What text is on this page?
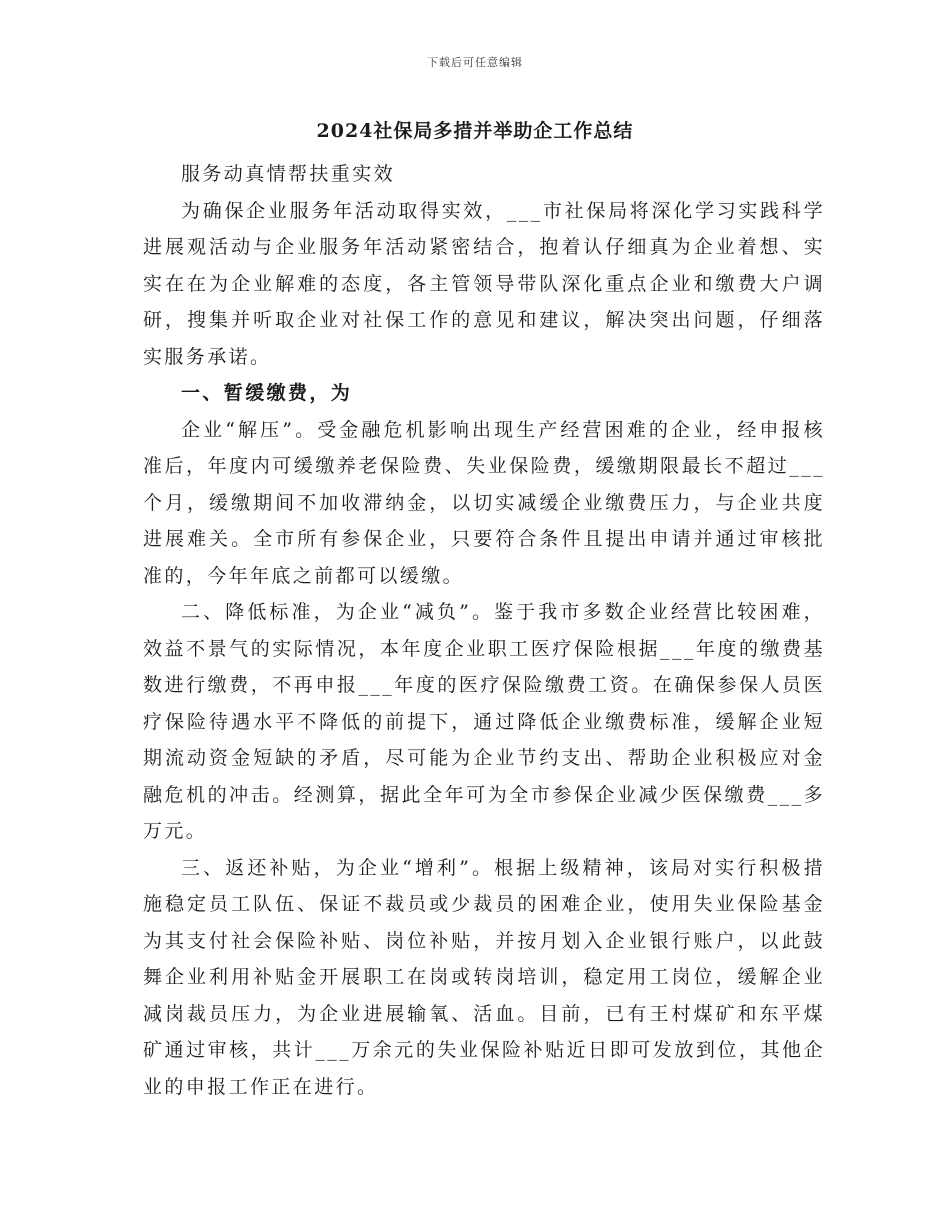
下载后可任意编辑
2024社保局多措并举助企工作总结

服务动真情帮扶重实效

为确保企业服务年活动取得实效，___市社保局将深化学习实践科学进展观活动与企业服务年活动紧密结合，抱着认仔细真为企业着想、实实在在为企业解难的态度，各主管领导带队深化重点企业和缴费大户调研，搜集并听取企业对社保工作的意见和建议，解决突出问题，仔细落实服务承诺。

一、暂缓缴费，为

企业“解压”。受金融危机影响出现生产经营困难的企业，经申报核准后，年度内可缓缴养老保险费、失业保险费，缓缴期限最长不超过___个月，缓缴期间不加收滞纳金，以切实减缓企业缴费压力，与企业共度进展难关。全市所有参保企业，只要符合条件且提出申请并通过审核批准的，今年年底之前都可以缓缴。

二、降低标准，为企业“减负”。鉴于我市多数企业经营比较困难，效益不景气的实际情况，本年度企业职工医疗保险根据___年度的缴费基数进行缴费，不再申报___年度的医疗保险缴费工资。在确保参保人员医疗保险待遇水平不降低的前提下，通过降低企业缴费标准，缓解企业短期流动资金短缺的矛盾，尽可能为企业节约支出、帮助企业积极应对金融危机的冲击。经测算，据此全年可为全市参保企业减少医保缴费___多万元。

三、返还补贴，为企业“增利”。根据上级精神，该局对实行积极措施稳定员工队伍、保证不裁员或少裁员的困难企业，使用失业保险基金为其支付社会保险补贴、岗位补贴，并按月划入企业银行账户，以此鼓舞企业利用补贴金开展职工在岗或转岗培训，稳定用工岗位，缓解企业减岗裁员压力，为企业进展输氧、活血。目前，已有王村煤矿和东平煤矿通过审核，共计___万余元的失业保险补贴近日即可发放到位，其他企业的申报工作正在进行。
